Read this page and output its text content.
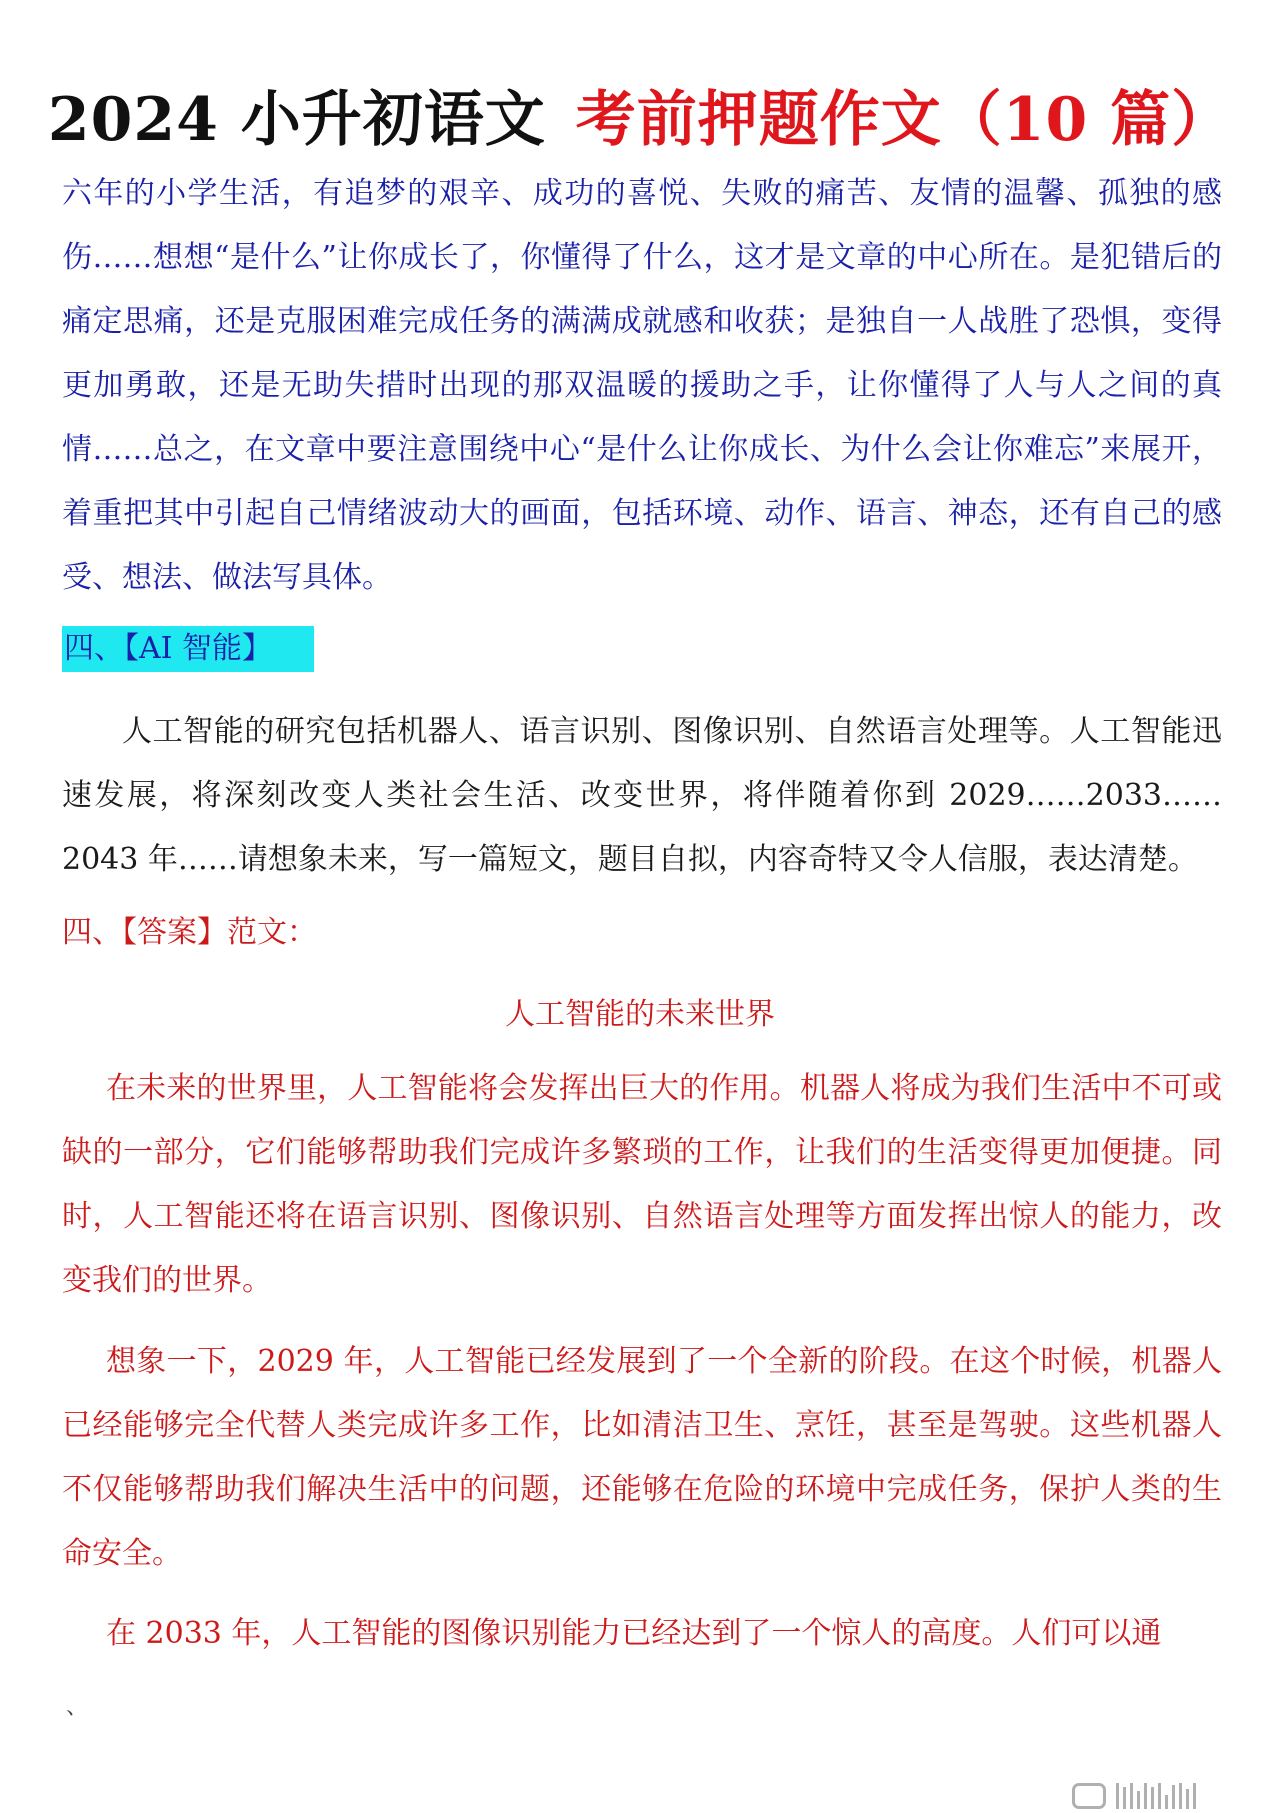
2024 小升初语文 考前押题作文（10 篇）

六年的小学生活，有追梦的艰辛、成功的喜悦、失败的痛苦、友情的温馨、孤独的感伤……想想“是什么”让你成长了，你懂得了什么，这才是文章的中心所在。是犯错后的痛定思痛，还是克服困难完成任务的满满成就感和收获；是独自一人战胜了恐惧，变得更加勇敢，还是无助失措时出现的那双温暖的援助之手，让你懂得了人与人之间的真情……总之，在文章中要注意围绕中心“是什么让你成长、为什么会让你难忘”来展开，着重把其中引起自己情绪波动大的画面，包括环境、动作、语言、神态，还有自己的感受、想法、做法写具体。

四、【AI 智能】

人工智能的研究包括机器人、语言识别、图像识别、自然语言处理等。人工智能迅速发展，将深刻改变人类社会生活、改变世界，将伴随着你到 2029……2033……2043 年……请想象未来，写一篇短文，题目自拟，内容奇特又令人信服，表达清楚。

四、【答案】范文：
人工智能的未来世界

在未来的世界里，人工智能将会发挥出巨大的作用。机器人将成为我们生活中不可或缺的一部分，它们能够帮助我们完成许多繁琐的工作，让我们的生活变得更加便捷。同时，人工智能还将在语言识别、图像识别、自然语言处理等方面发挥出惊人的能力，改变我们的世界。

想象一下，2029 年，人工智能已经发展到了一个全新的阶段。在这个时候，机器人已经能够完全代替人类完成许多工作，比如清洁卫生、烹饪，甚至是驾驶。这些机器人不仅能够帮助我们解决生活中的问题，还能够在危险的环境中完成任务，保护人类的生命安全。

在 2033 年，人工智能的图像识别能力已经达到了一个惊人的高度。人们可以通

、
